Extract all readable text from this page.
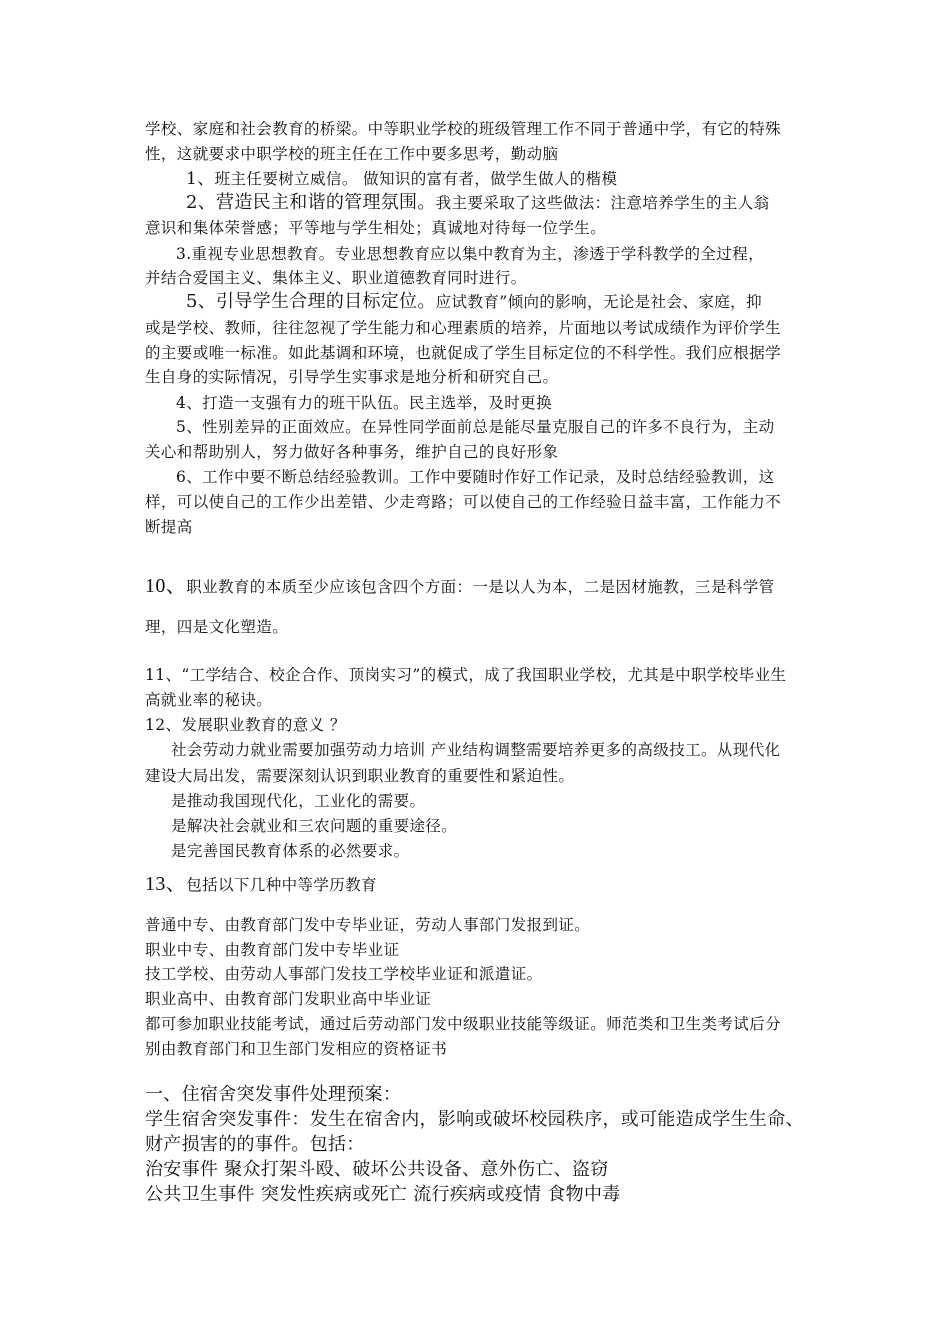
学校、家庭和社会教育的桥梁。中等职业学校的班级管理工作不同于普通中学，有它的特殊
性，这就要求中职学校的班主任在工作中要多思考，勤动脑
1、班主任要树立威信。 做知识的富有者，做学生做人的楷模
2、营造民主和谐的管理氛围。我主要采取了这些做法：注意培养学生的主人翁
意识和集体荣誉感；平等地与学生相处；真诚地对待每一位学生。
3.重视专业思想教育。专业思想教育应以集中教育为主，渗透于学科教学的全过程，
并结合爱国主义、集体主义、职业道德教育同时进行。
5、引导学生合理的目标定位。应试教育”倾向的影响，无论是社会、家庭，抑
或是学校、教师，往往忽视了学生能力和心理素质的培养，片面地以考试成绩作为评价学生
的主要或唯一标准。如此基调和环境，也就促成了学生目标定位的不科学性。我们应根据学
生自身的实际情况，引导学生实事求是地分析和研究自己。
4、打造一支强有力的班干队伍。民主选举，及时更换
5、性别差异的正面效应。在异性同学面前总是能尽量克服自己的许多不良行为，主动
关心和帮助别人，努力做好各种事务，维护自己的良好形象
6、工作中要不断总结经验教训。工作中要随时作好工作记录，及时总结经验教训，这
样，可以使自己的工作少出差错、少走弯路；可以使自己的工作经验日益丰富，工作能力不
断提高
10、职业教育的本质至少应该包含四个方面：一是以人为本，二是因材施教，三是科学管
理，四是文化塑造。
11、“工学结合、校企合作、顶岗实习”的模式，成了我国职业学校，尤其是中职学校毕业生
高就业率的秘诀。
12、发展职业教育的意义 ？
社会劳动力就业需要加强劳动力培训 产业结构调整需要培养更多的高级技工。从现代化
建设大局出发，需要深刻认识到职业教育的重要性和紧迫性。
是推动我国现代化，工业化的需要。
是解决社会就业和三农问题的重要途径。
是完善国民教育体系的必然要求。
13、包括以下几种中等学历教育
普通中专、由教育部门发中专毕业证，劳动人事部门发报到证。
职业中专、由教育部门发中专毕业证
技工学校、由劳动人事部门发技工学校毕业证和派遣证。
职业高中、由教育部门发职业高中毕业证
都可参加职业技能考试，通过后劳动部门发中级职业技能等级证。师范类和卫生类考试后分
别由教育部门和卫生部门发相应的资格证书
一、住宿舍突发事件处理预案：
学生宿舍突发事件：发生在宿舍内，影响或破坏校园秩序，或可能造成学生生命、
财产损害的的事件。包括：
治安事件 聚众打架斗殴、破坏公共设备、意外伤亡、盗窃
公共卫生事件 突发性疾病或死亡 流行疾病或疫情 食物中毒
